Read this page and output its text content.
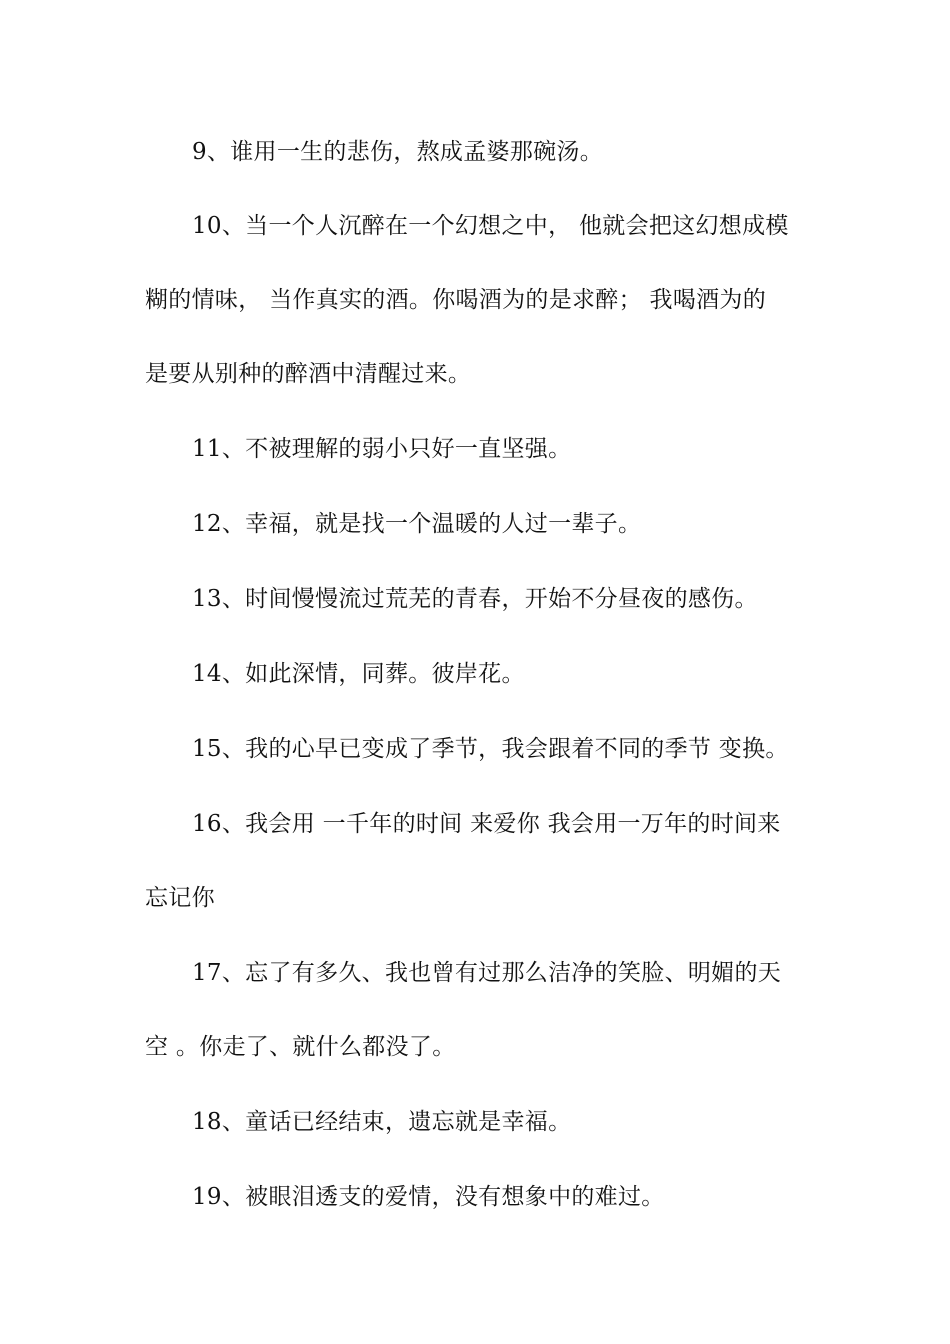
9、谁用一生的悲伤，熬成孟婆那碗汤。
10、当一个人沉醉在一个幻想之中， 他就会把这幻想成模
糊的情味， 当作真实的酒。你喝酒为的是求醉； 我喝酒为的
是要从别种的醉酒中清醒过来。
11、不被理解的弱小只好一直坚强。
12、幸福，就是找一个温暖的人过一辈子。
13、时间慢慢流过荒芜的青春，开始不分昼夜的感伤。
14、如此深情，同葬。彼岸花。
15、我的心早已变成了季节，我会跟着不同的季节 变换。
16、我会用 一千年的时间 来爱你 我会用一万年的时间来
忘记你
17、忘了有多久、我也曾有过那么洁净的笑脸、明媚的天
空 。你走了、就什么都没了。
18、童话已经结束，遗忘就是幸福。
19、被眼泪透支的爱情，没有想象中的难过。
